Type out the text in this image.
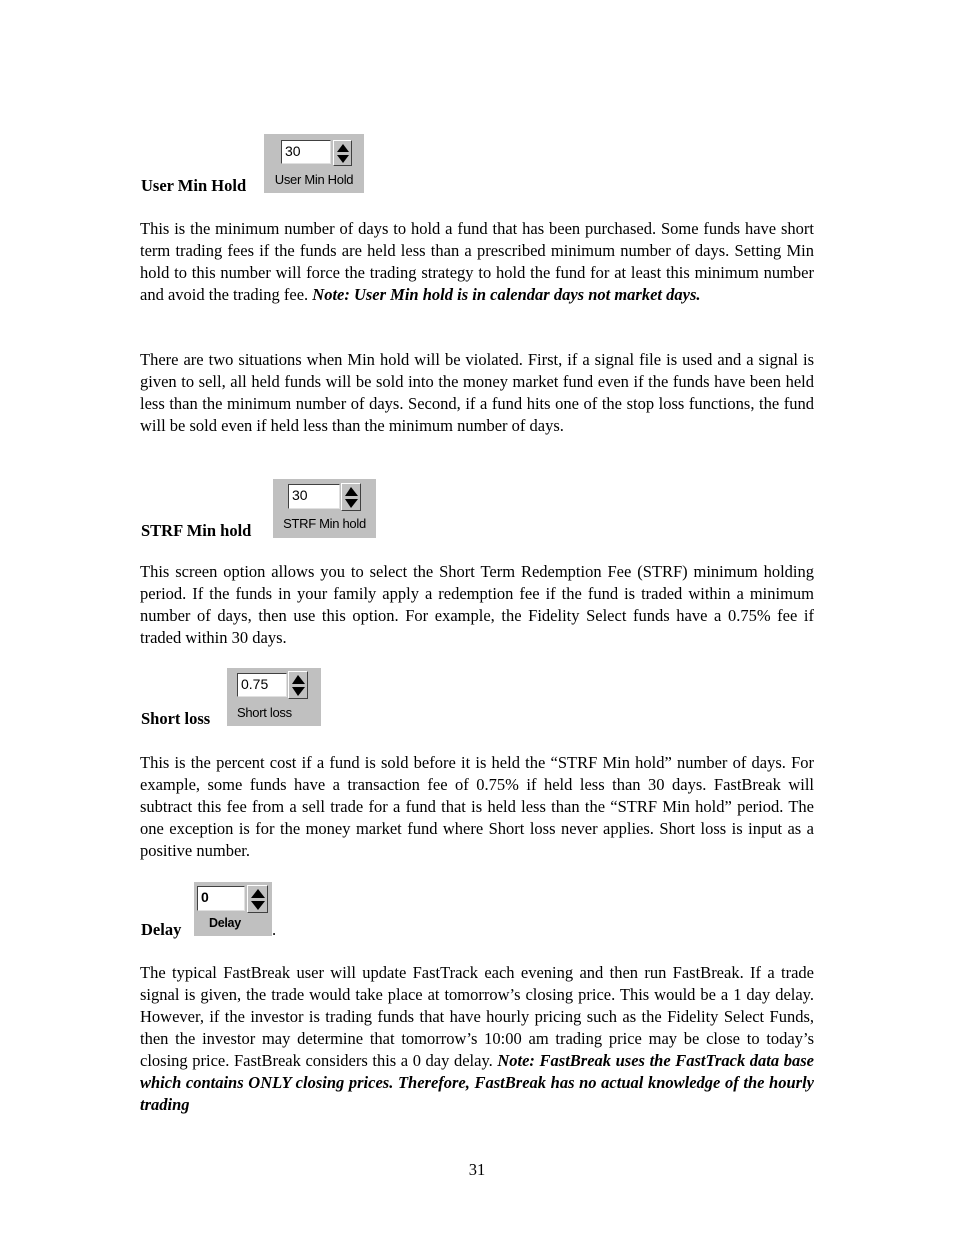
User Min Hold
30
User Min Hold

This is the minimum number of days to hold a fund that has been purchased. Some funds have short term trading fees if the funds are held less than a prescribed minimum number of days. Setting Min hold to this number will force the trading strategy to hold the fund for at least this minimum number and avoid the trading fee. Note: User Min hold is in calendar days not market days.

There are two situations when Min hold will be violated. First, if a signal file is used and a signal is given to sell, all held funds will be sold into the money market fund even if the funds have been held less than the minimum number of days. Second, if a fund hits one of the stop loss functions, the fund will be sold even if held less than the minimum number of days.

STRF Min hold
30
STRF Min hold

This screen option allows you to select the Short Term Redemption Fee (STRF) minimum holding period. If the funds in your family apply a redemption fee if the fund is traded within a minimum number of days, then use this option. For example, the Fidelity Select funds have a 0.75% fee if traded within 30 days.

Short loss
0.75
Short loss

This is the percent cost if a fund is sold before it is held the “STRF Min hold” number of days. For example, some funds have a transaction fee of 0.75% if held less than 30 days. FastBreak will subtract this fee from a sell trade for a fund that is held less than the “STRF Min hold” period. The one exception is for the money market fund where Short loss never applies. Short loss is input as a positive number.

Delay
0
Delay	.

The typical FastBreak user will update FastTrack each evening and then run FastBreak. If a trade signal is given, the trade would take place at tomorrow’s closing price. This would be a 1 day delay. However, if the investor is trading funds that have hourly pricing such as the Fidelity Select Funds, then the investor may determine that tomorrow’s 10:00 am trading price may be close to today’s closing price. FastBreak considers this a 0 day delay. Note: FastBreak uses the FastTrack data base which contains ONLY closing prices. Therefore, FastBreak has no actual knowledge of the hourly trading

31
